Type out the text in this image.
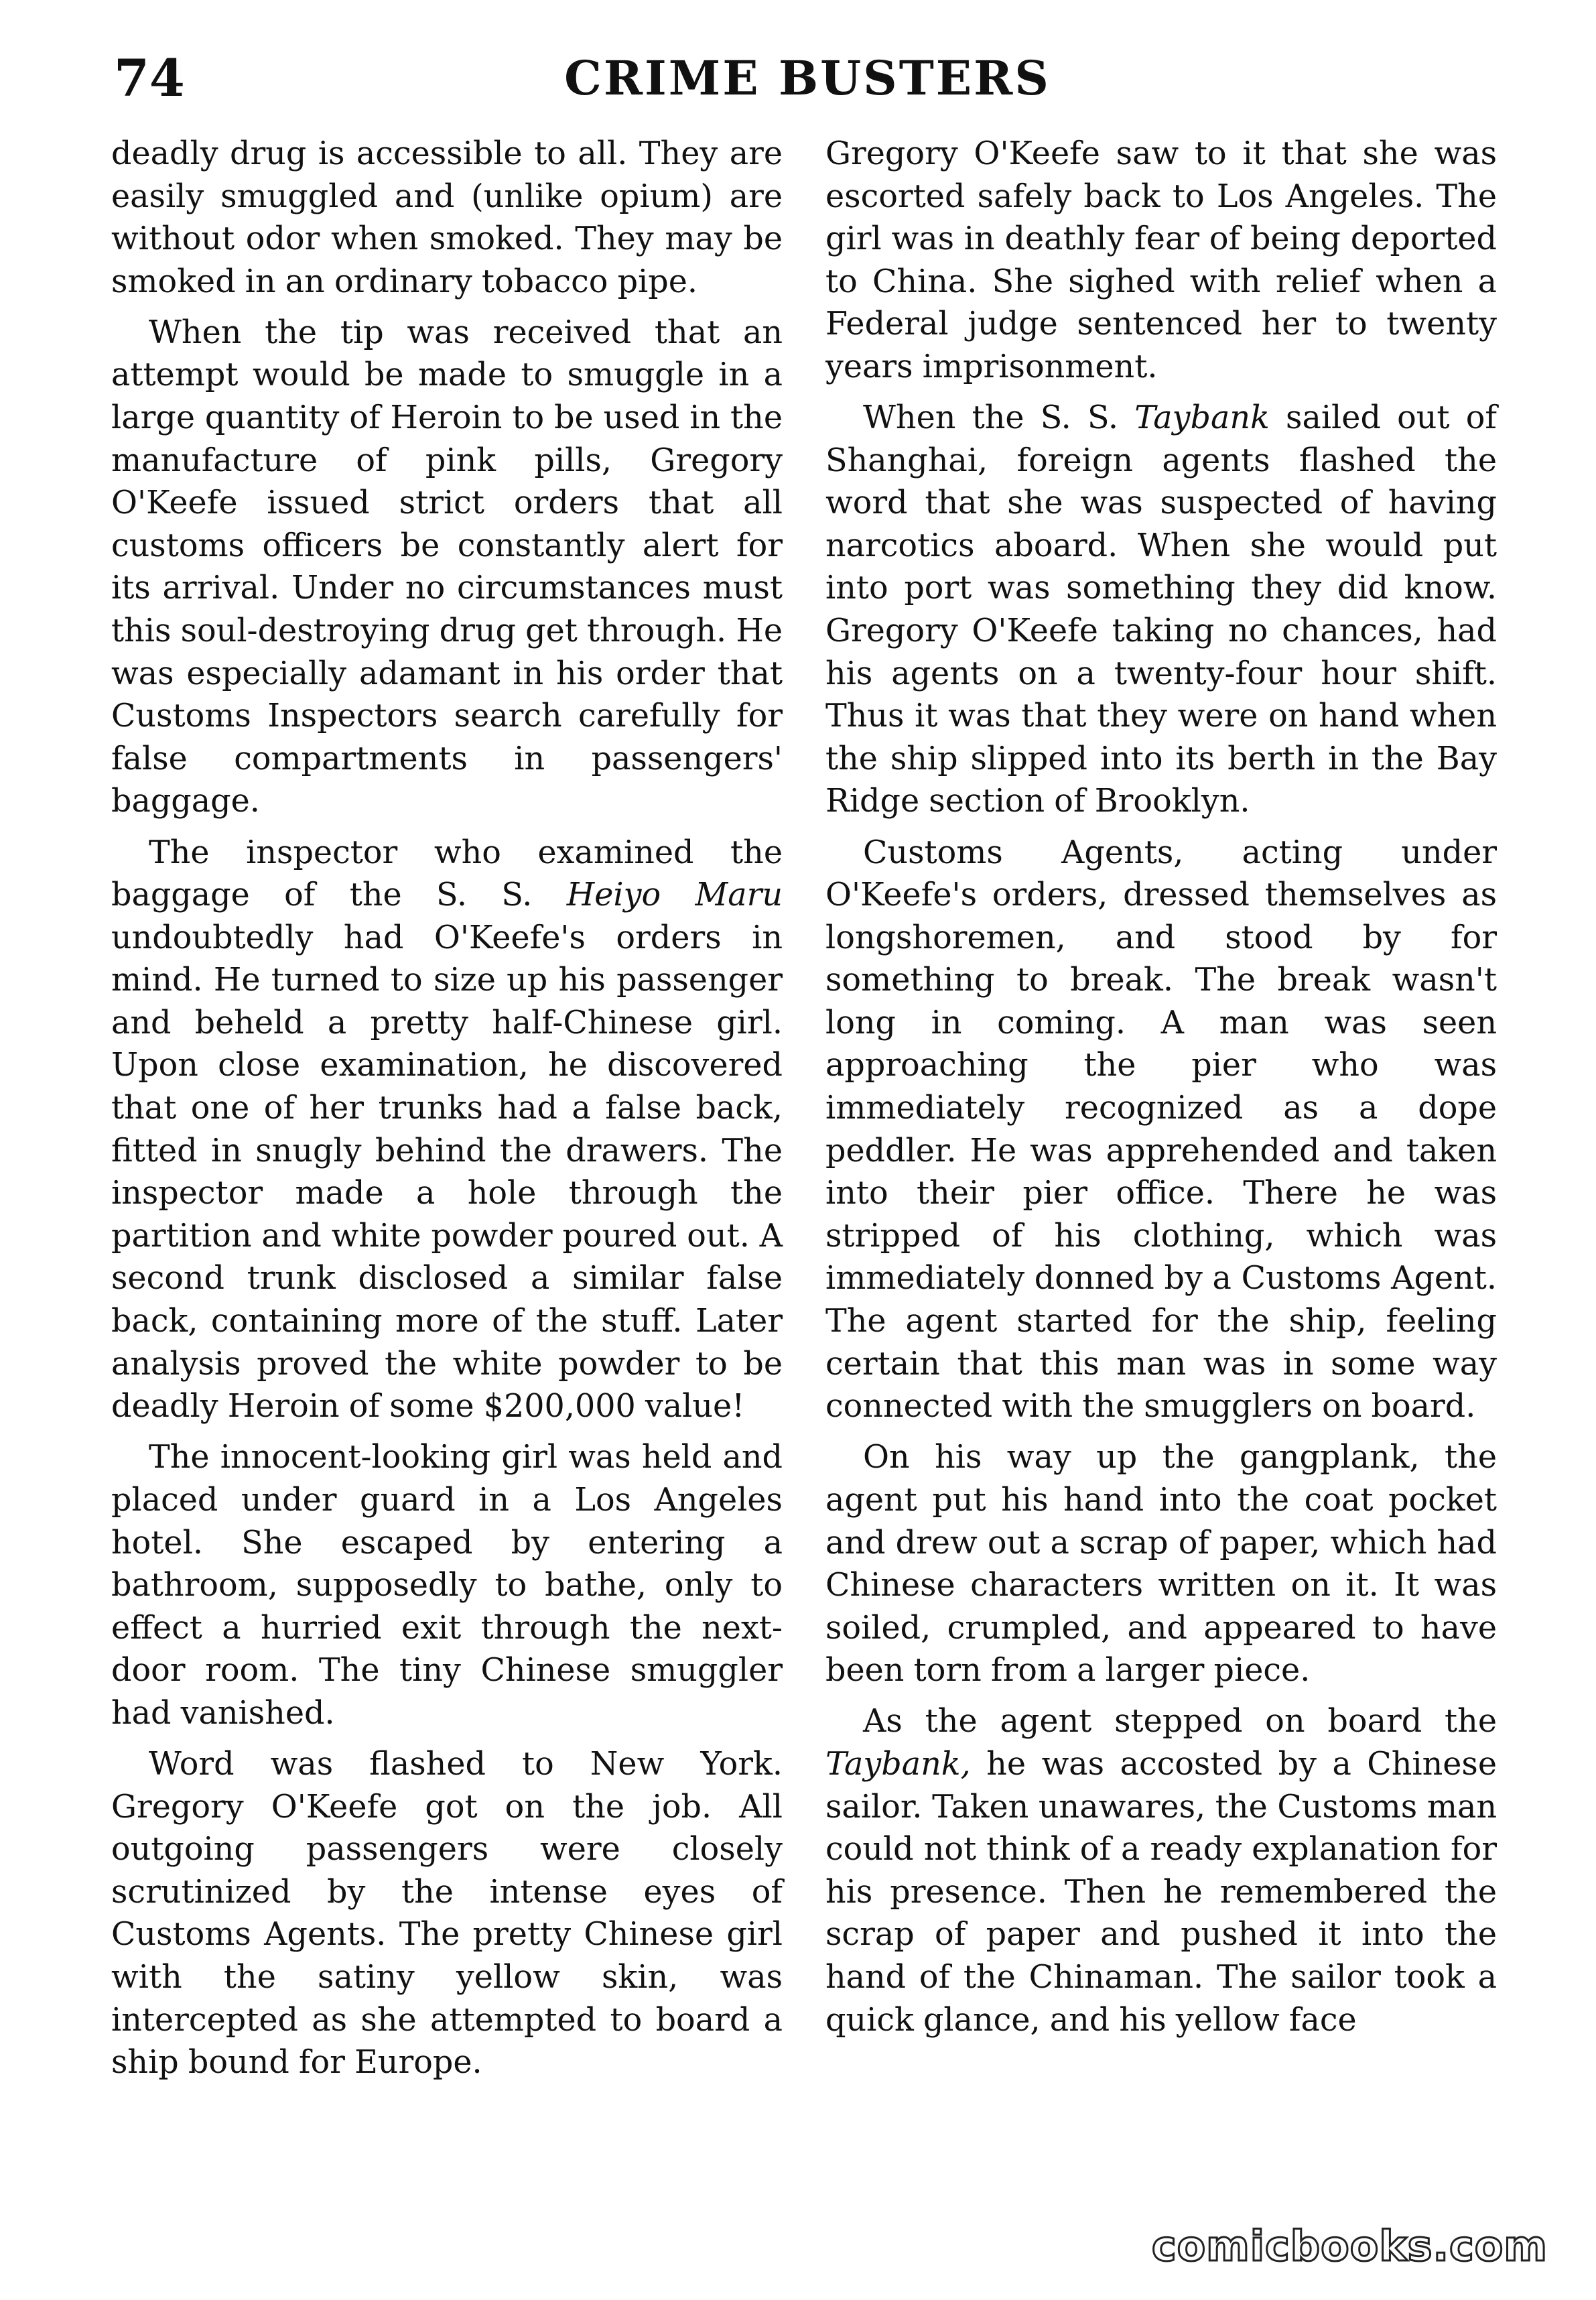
74	CRIME BUSTERS

deadly drug is accessible to all. They are easily smuggled and (unlike opium) are without odor when smoked. They may be smoked in an ordinary tobacco pipe.

When the tip was received that an attempt would be made to smuggle in a large quantity of Heroin to be used in the manufacture of pink pills, Gregory O'Keefe issued strict orders that all customs officers be constantly alert for its arrival. Under no circumstances must this soul-destroying drug get through. He was especially adamant in his order that Customs Inspectors search carefully for false compartments in passengers' baggage.

The inspector who examined the baggage of the S. S. Heiyo Maru undoubtedly had O'Keefe's orders in mind. He turned to size up his passenger and beheld a pretty half-Chinese girl. Upon close examination, he discovered that one of her trunks had a false back, fitted in snugly behind the drawers. The inspector made a hole through the partition and white powder poured out. A second trunk disclosed a similar false back, containing more of the stuff. Later analysis proved the white powder to be deadly Heroin of some $200,000 value!

The innocent-looking girl was held and placed under guard in a Los Angeles hotel. She escaped by entering a bathroom, supposedly to bathe, only to effect a hurried exit through the next-door room. The tiny Chinese smuggler had vanished.

Word was flashed to New York. Gregory O'Keefe got on the job. All outgoing passengers were closely scrutinized by the intense eyes of Customs Agents. The pretty Chinese girl with the satiny yellow skin, was intercepted as she attempted to board a ship bound for Europe.

Gregory O'Keefe saw to it that she was escorted safely back to Los Angeles. The girl was in deathly fear of being deported to China. She sighed with relief when a Federal judge sentenced her to twenty years imprisonment.

When the S. S. Taybank sailed out of Shanghai, foreign agents flashed the word that she was suspected of having narcotics aboard. When she would put into port was something they did know. Gregory O'Keefe taking no chances, had his agents on a twenty-four hour shift. Thus it was that they were on hand when the ship slipped into its berth in the Bay Ridge section of Brooklyn.

Customs Agents, acting under O'Keefe's orders, dressed themselves as longshoremen, and stood by for something to break. The break wasn't long in coming. A man was seen approaching the pier who was immediately recognized as a dope peddler. He was apprehended and taken into their pier office. There he was stripped of his clothing, which was immediately donned by a Customs Agent. The agent started for the ship, feeling certain that this man was in some way connected with the smugglers on board.

On his way up the gangplank, the agent put his hand into the coat pocket and drew out a scrap of paper, which had Chinese characters written on it. It was soiled, crumpled, and appeared to have been torn from a larger piece.

As the agent stepped on board the Taybank, he was accosted by a Chinese sailor. Taken unawares, the Customs man could not think of a ready explanation for his presence. Then he remembered the scrap of paper and pushed it into the hand of the Chinaman. The sailor took a quick glance, and his yellow face

comicbooks.com
